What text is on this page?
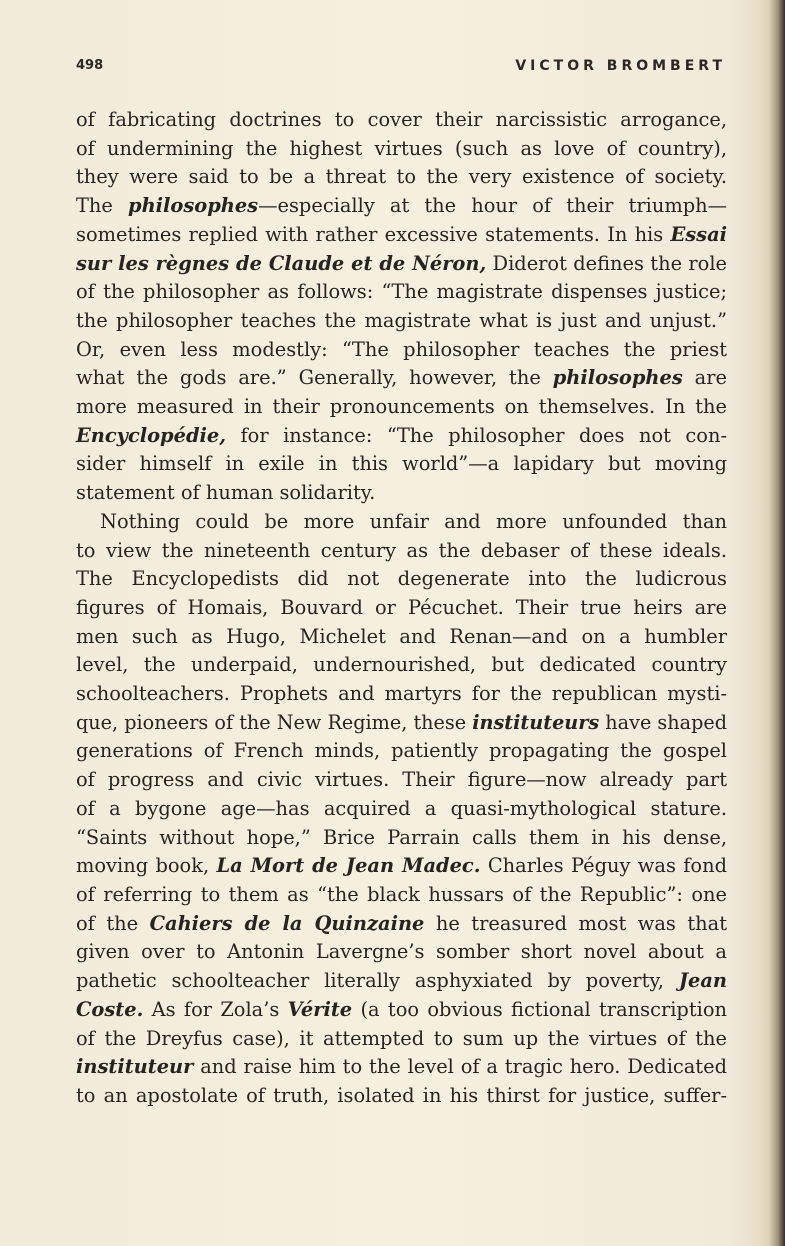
498	VICTOR BROMBERT
of fabricating doctrines to cover their narcissistic arrogance,
of undermining the highest virtues (such as love of country),
they were said to be a threat to the very existence of society.
The philosophes—especially at the hour of their triumph—
sometimes replied with rather excessive statements. In his Essai
sur les règnes de Claude et de Néron, Diderot defines the role
of the philosopher as follows: “The magistrate dispenses justice;
the philosopher teaches the magistrate what is just and unjust.”
Or, even less modestly: “The philosopher teaches the priest
what the gods are.” Generally, however, the philosophes are
more measured in their pronouncements on themselves. In the
Encyclopédie, for instance: “The philosopher does not con-
sider himself in exile in this world”—a lapidary but moving
statement of human solidarity.
Nothing could be more unfair and more unfounded than
to view the nineteenth century as the debaser of these ideals.
The Encyclopedists did not degenerate into the ludicrous
figures of Homais, Bouvard or Pécuchet. Their true heirs are
men such as Hugo, Michelet and Renan—and on a humbler
level, the underpaid, undernourished, but dedicated country
schoolteachers. Prophets and martyrs for the republican mysti-
que, pioneers of the New Regime, these instituteurs have shaped
generations of French minds, patiently propagating the gospel
of progress and civic virtues. Their figure—now already part
of a bygone age—has acquired a quasi-mythological stature.
“Saints without hope,” Brice Parrain calls them in his dense,
moving book, La Mort de Jean Madec. Charles Péguy was fond
of referring to them as “the black hussars of the Republic”: one
of the Cahiers de la Quinzaine he treasured most was that
given over to Antonin Lavergne’s somber short novel about a
pathetic schoolteacher literally asphyxiated by poverty, Jean
Coste. As for Zola’s Vérite (a too obvious fictional transcription
of the Dreyfus case), it attempted to sum up the virtues of the
instituteur and raise him to the level of a tragic hero. Dedicated
to an apostolate of truth, isolated in his thirst for justice, suffer-
